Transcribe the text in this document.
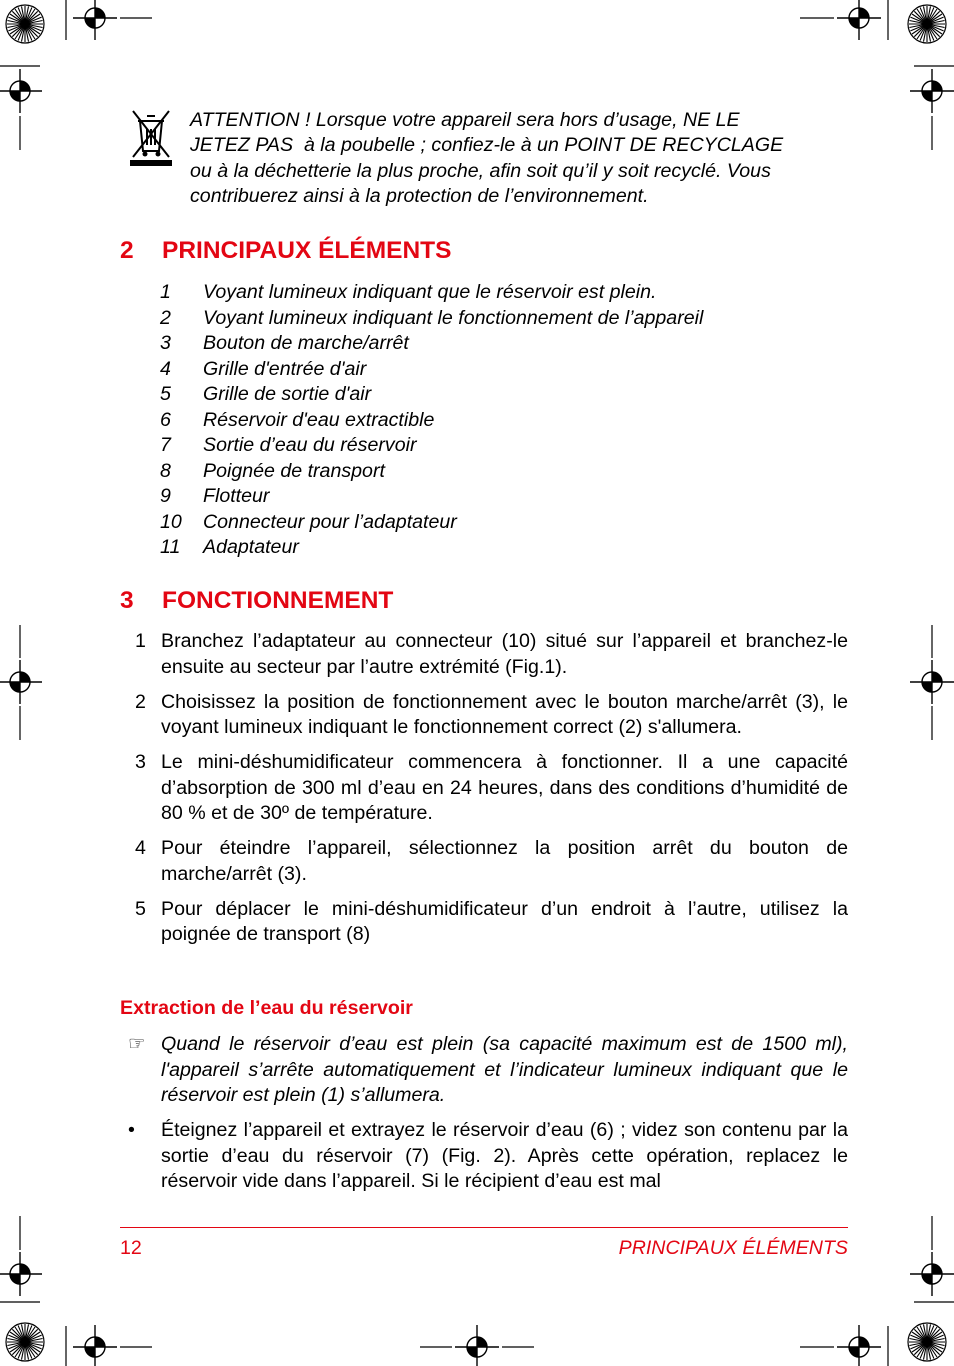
ATTENTION ! Lorsque votre appareil sera hors d’usage, NE LE
JETEZ PAS  à la poubelle ; confiez-le à un POINT DE RECYCLAGE
ou à la déchetterie la plus proche, afin soit qu’il y soit recyclé. Vous
contribuerez ainsi à la protection de l’environnement.
2 PRINCIPAUX ÉLÉMENTS
1	Voyant lumineux indiquant que le réservoir est plein.
2	Voyant lumineux indiquant le fonctionnement de l’appareil
3	Bouton de marche/arrêt
4	Grille d'entrée d'air
5	Grille de sortie d'air
6	Réservoir d'eau extractible
7	Sortie d’eau du réservoir
8	Poignée de transport
9	Flotteur
10	Connecteur pour l’adaptateur
11	Adaptateur
3 FONCTIONNEMENT
1 Branchez l’adaptateur au connecteur (10) situé sur l’appareil et branchez-le ensuite au secteur par l’autre extrémité (Fig.1).
2 Choisissez la position de fonctionnement avec le bouton marche/arrêt (3), le voyant lumineux indiquant le fonctionnement correct (2) s'allumera.
3 Le mini-déshumidificateur commencera à fonctionner. Il a une capacité d’absorption de 300 ml d’eau en 24 heures, dans des conditions d’humidité de 80 % et de 30º de température.
4 Pour éteindre l’appareil, sélectionnez la position arrêt du bouton de marche/arrêt (3).
5 Pour déplacer le mini-déshumidificateur d’un endroit à l’autre, utilisez la poignée de transport (8)
Extraction de l’eau du réservoir
☞ Quand le réservoir d’eau est plein (sa capacité maximum est de 1500 ml), l'appareil s’arrête automatiquement et l’indicateur lumineux indiquant que le réservoir est plein (1) s’allumera.
•	Éteignez l’appareil et extrayez le réservoir d’eau (6) ; videz son contenu par la sortie d’eau du réservoir (7) (Fig. 2). Après cette opération, replacez le réservoir vide dans l’appareil. Si le récipient d’eau est mal
12	PRINCIPAUX ÉLÉMENTS
